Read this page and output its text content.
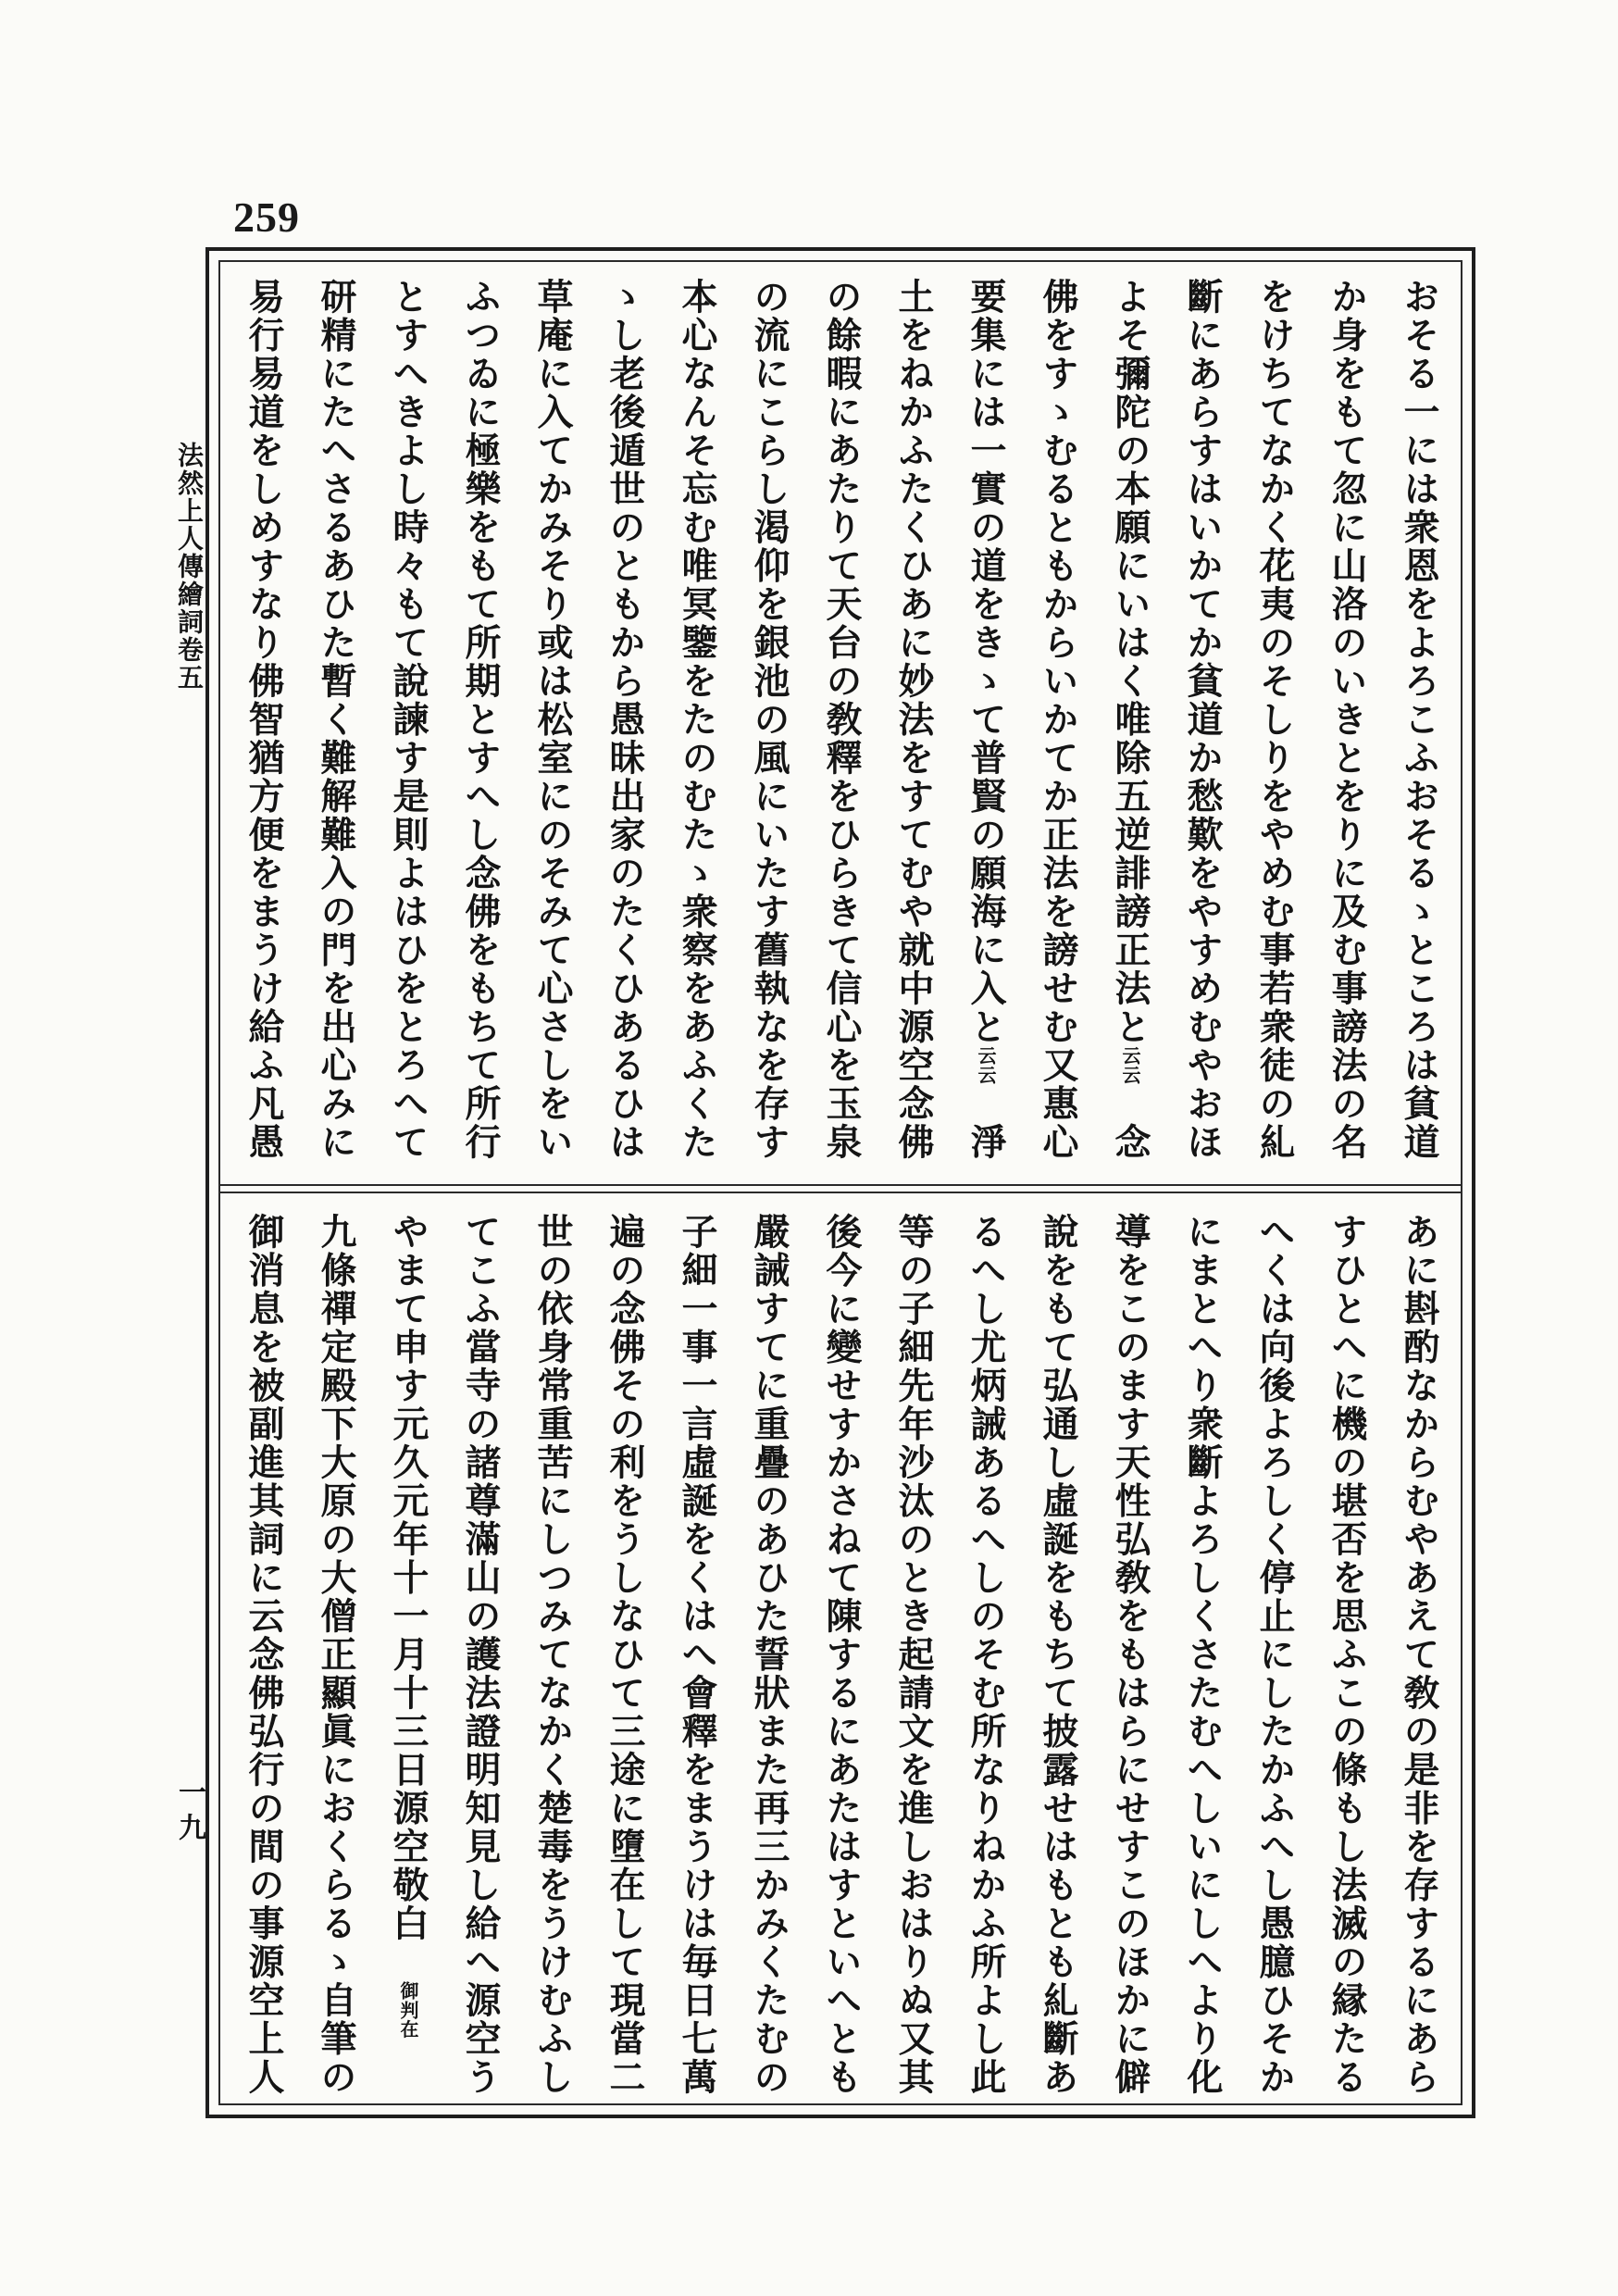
259
法然上人傳繪詞卷五
一九
おそる一には衆恩をよろこふおそるゝところは貧道
か身をもて忽に山洛のいきとをりに及む事謗法の名
をけちてなかく花夷のそしりをやめむ事若衆徒の糺
斷にあらすはいかてか貧道か愁歎をやすめむやおほ
よそ彌陀の本願にいはく唯除五逆誹謗正法と云云念
佛をすゝむるともからいかてか正法を謗せむ又惠心
要集には一實の道をきゝて普賢の願海に入と云云淨
土をねかふたくひあに妙法をすてむや就中源空念佛
の餘暇にあたりて天台の敎釋をひらきて信心を玉泉
の流にこらし渇仰を銀池の風にいたす舊執なを存す
本心なんそ忘む唯冥鑒をたのむたゝ衆察をあふくた
ゝし老後遁世のともから愚昧出家のたくひあるひは
草庵に入てかみそり或は松室にのそみて心さしをい
ふつゐに極樂をもて所期とすへし念佛をもちて所行
とすへきよし時々もて說諫す是則よはひをとろへて
研精にたへさるあひた暫く難解難入の門を出心みに
易行易道をしめすなり佛智猶方便をまうけ給ふ凡愚
あに斟酌なからむやあえて敎の是非を存するにあら
すひとへに機の堪否を思ふこの條もし法滅の縁たる
へくは向後よろしく停止にしたかふへし愚臆ひそか
にまとへり衆斷よろしくさたむへしいにしへより化
導をこのます天性弘敎をもはらにせすこのほかに僻
說をもて弘通し虛誕をもちて披露せはもとも糺斷あ
るへし尤炳誡あるへしのそむ所なりねかふ所よし此
等の子細先年沙汰のとき起請文を進しおはりぬ又其
後今に變せすかさねて陳するにあたはすといへとも
嚴誡すてに重疊のあひた誓狀また再三かみくたむの
子細一事一言虛誕をくはへ會釋をまうけは毎日七萬
遍の念佛その利をうしなひて三途に墮在して現當二
世の依身常重苦にしつみてなかく楚毒をうけむふし
てこふ當寺の諸尊滿山の護法證明知見し給へ源空う
やまて申す元久元年十一月十三日源空敬白御判在
九條禪定殿下大原の大僧正顯眞におくらるゝ自筆の
御消息を被副進其詞に云念佛弘行の間の事源空上人
